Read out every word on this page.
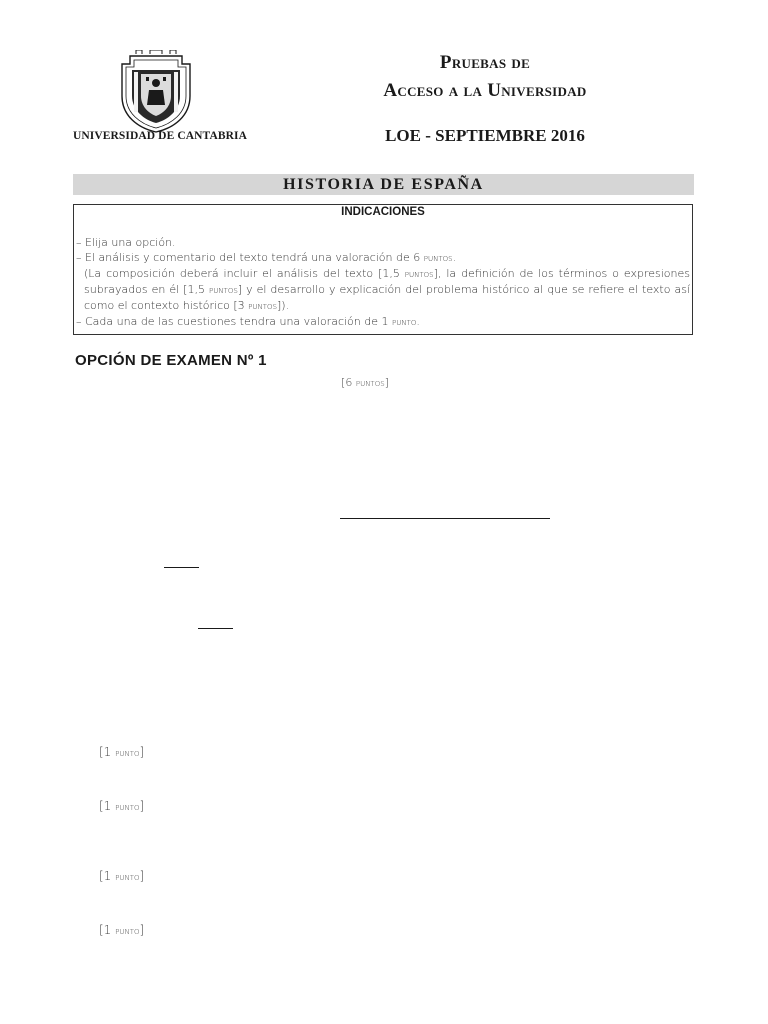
UNIVERSIDAD DE CANTABRIA
Pruebas de
Acceso a la Universidad
LOE - SEPTIEMBRE 2016
HISTORIA DE ESPAÑA
INDICACIONES
– Elija una opción.
– El análisis y comentario del texto tendrá una valoración de 6 puntos.
(La composición deberá incluir el análisis del texto [1,5 puntos], la definición de los términos o expresiones
subrayados en él [1,5 puntos] y el desarrollo y explicación del problema histórico al que se refiere el texto así
como el contexto histórico [3 puntos]).
– Cada una de las cuestiones tendra una valoración de 1 punto.
OPCIÓN DE EXAMEN Nº 1
[6 puntos]
[1 punto]
[1 punto]
[1 punto]
[1 punto]
